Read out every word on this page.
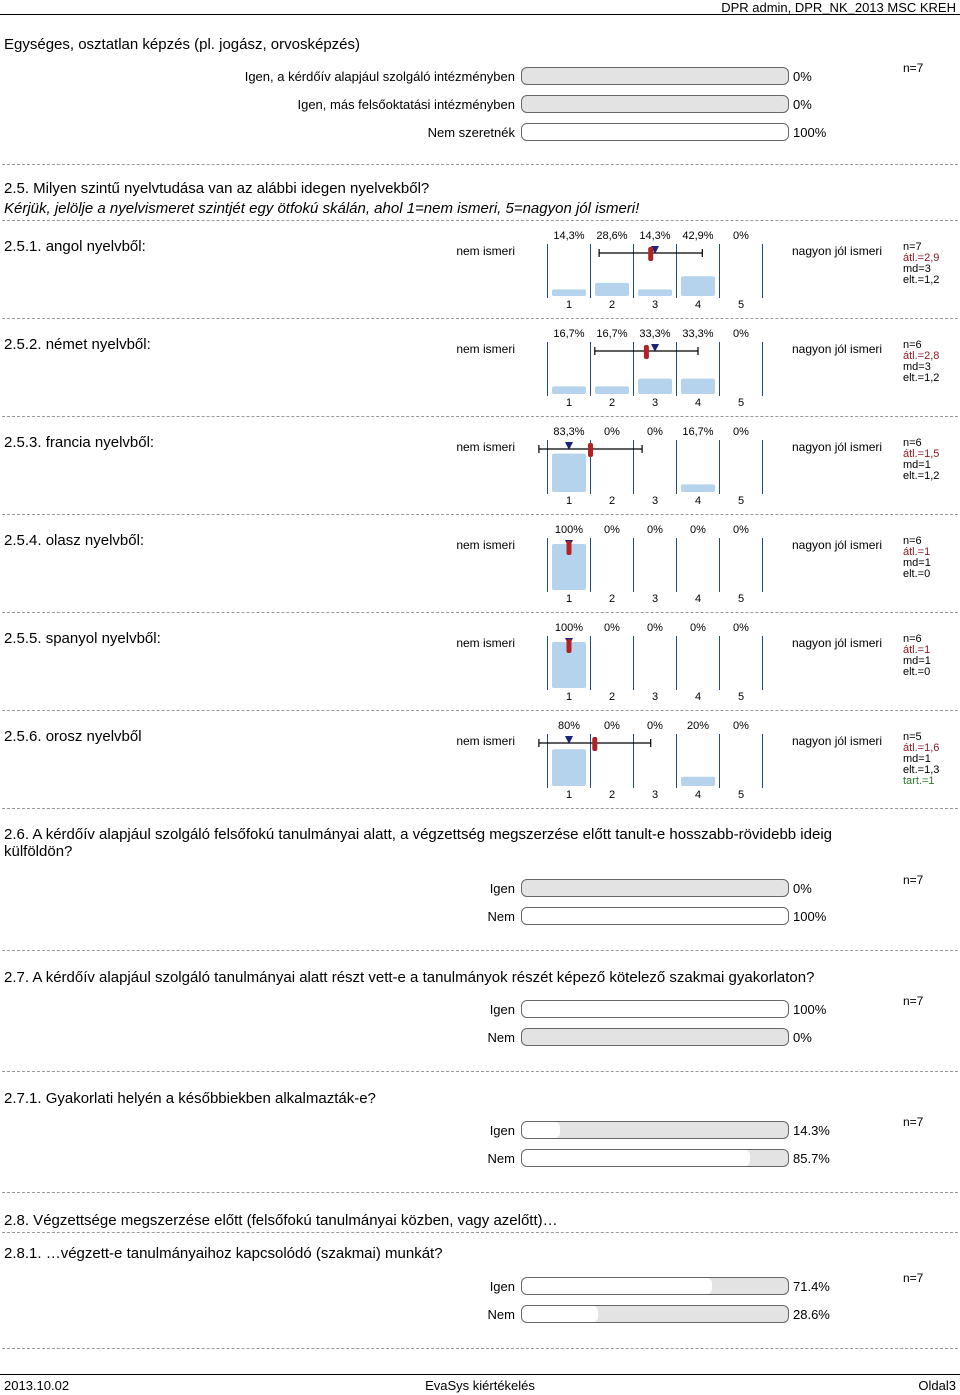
DPR admin, DPR_NK_2013 MSC KREH
Egységes, osztatlan képzés (pl. jogász, orvosképzés)
Igen, a kérdőív alapjául szolgáló intézményben	0%
Igen, más felsőoktatási intézményben	0%
Nem szeretnék	100%
n=7
2.5. Milyen szintű nyelvtudása van az alábbi idegen nyelvekből?
Kérjük, jelölje a nyelvismeret szintjét egy ötfokú skálán, ahol 1=nem ismeri, 5=nagyon jól ismeri!
2.5.1. angol nyelvből:	nem ismeri	nagyon jól ismeri
14,3% 28,6% 14,3% 42,9% 0%
1	2	3	4	5
n=7
átl.=2,9
md=3
elt.=1,2
2.5.2. német nyelvből:	nem ismeri	nagyon jól ismeri
16,7% 16,7% 33,3% 33,3% 0%
1	2	3	4	5
n=6
átl.=2,8
md=3
elt.=1,2
2.5.3. francia nyelvből:	nem ismeri	nagyon jól ismeri
83,3% 0% 0% 16,7% 0%
1	2	3	4	5
n=6
átl.=1,5
md=1
elt.=1,2
2.5.4. olasz nyelvből:	nem ismeri	nagyon jól ismeri
100% 0% 0% 0% 0%
1	2	3	4	5
n=6
átl.=1
md=1
elt.=0
2.5.5. spanyol nyelvből:	nem ismeri	nagyon jól ismeri
100% 0% 0% 0% 0%
1	2	3	4	5
n=6
átl.=1
md=1
elt.=0
2.5.6. orosz nyelvből	nem ismeri	nagyon jól ismeri
80% 0% 0% 20% 0%
1	2	3	4	5
n=5
átl.=1,6
md=1
elt.=1,3
tart.=1
2.6. A kérdőív alapjául szolgáló felsőfokú tanulmányai alatt, a végzettség megszerzése előtt tanult-e hosszabb-rövidebb ideig külföldön?
Igen	0%
Nem	100%
n=7
2.7. A kérdőív alapjául szolgáló tanulmányai alatt részt vett-e a tanulmányok részét képező kötelező szakmai gyakorlaton?
Igen	100%
Nem	0%
n=7
2.7.1. Gyakorlati helyén a későbbiekben alkalmazták-e?
Igen	14.3%
Nem	85.7%
n=7
2.8. Végzettsége megszerzése előtt (felsőfokú tanulmányai közben, vagy azelőtt)…
2.8.1. …végzett-e tanulmányaihoz kapcsolódó (szakmai) munkát?
Igen	71.4%
Nem	28.6%
n=7
2013.10.02	EvaSys kiértékelés	Oldal3
